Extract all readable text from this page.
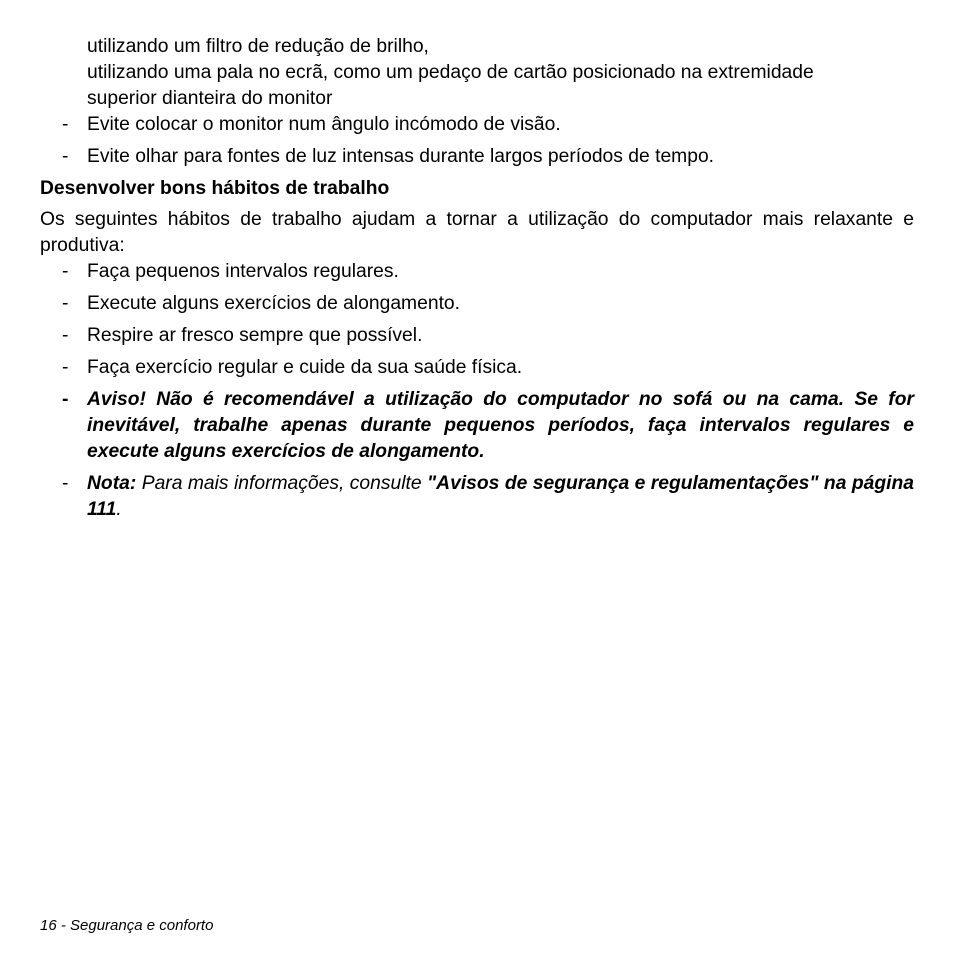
utilizando um filtro de redução de brilho,
utilizando uma pala no ecrã, como um pedaço de cartão posicionado na extremidade
superior dianteira do monitor
- Evite colocar o monitor num ângulo incómodo de visão.
- Evite olhar para fontes de luz intensas durante largos períodos de tempo.
Desenvolver bons hábitos de trabalho
Os seguintes hábitos de trabalho ajudam a tornar a utilização do computador mais relaxante e produtiva:
- Faça pequenos intervalos regulares.
- Execute alguns exercícios de alongamento.
- Respire ar fresco sempre que possível.
- Faça exercício regular e cuide da sua saúde física.
- Aviso! Não é recomendável a utilização do computador no sofá ou na cama. Se for inevitável, trabalhe apenas durante pequenos períodos, faça intervalos regulares e execute alguns exercícios de alongamento.
- Nota: Para mais informações, consulte "Avisos de segurança e regulamentações" na página 111.
16 - Segurança e conforto
